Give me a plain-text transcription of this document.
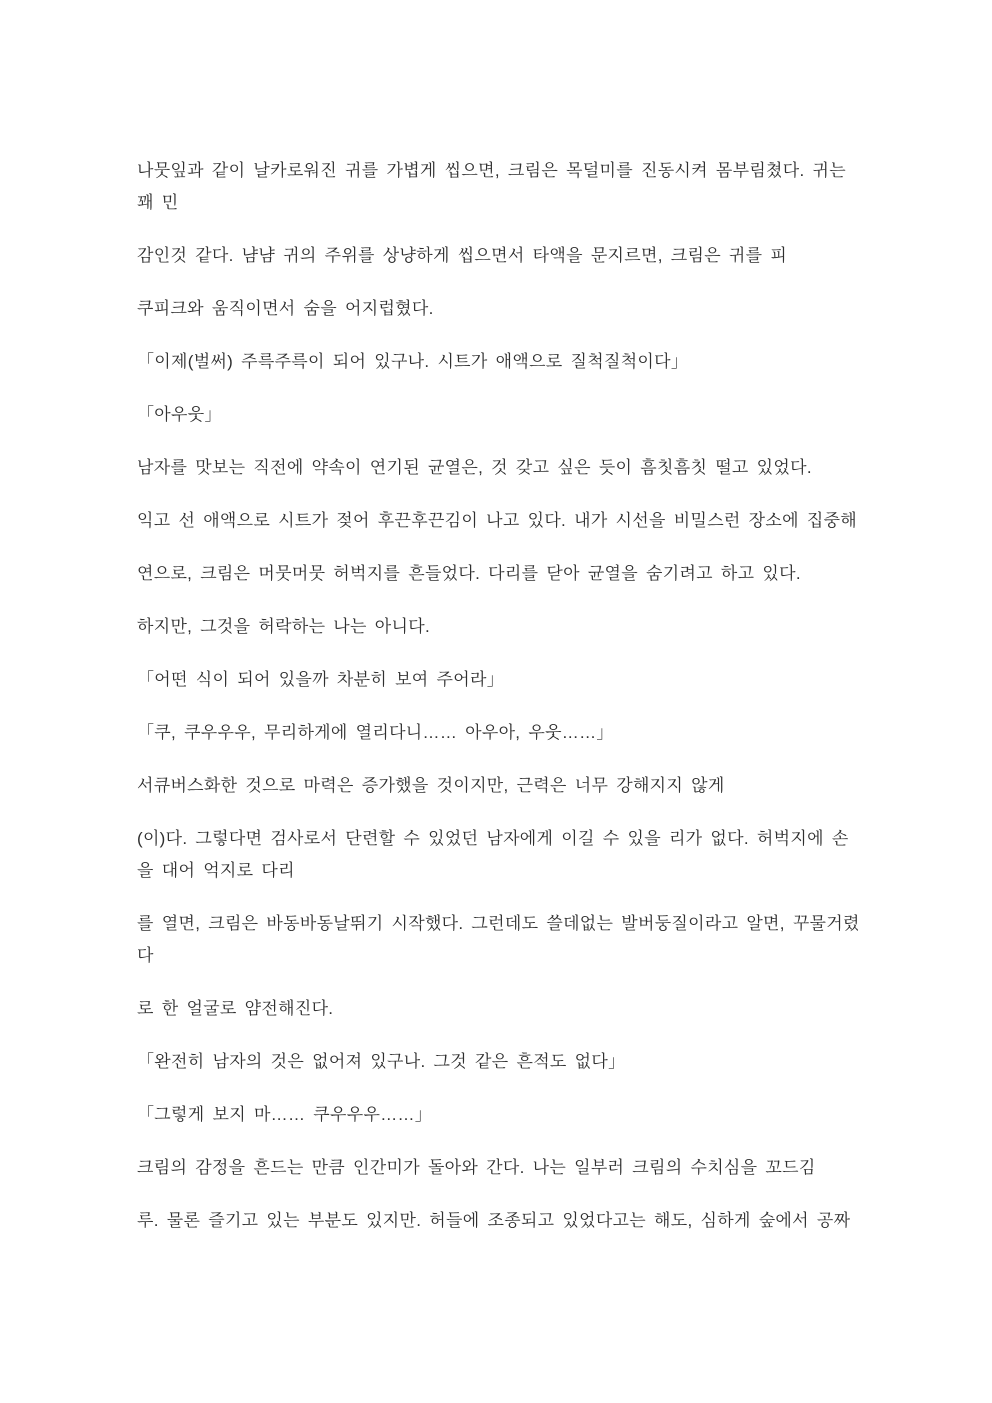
나뭇잎과 같이 날카로워진 귀를 가볍게 씹으면, 크림은 목덜미를 진동시켜 몸부림쳤다. 귀는
꽤 민

감인것 같다. 냠냠 귀의 주위를 상냥하게 씹으면서 타액을 문지르면, 크림은 귀를 피

쿠피크와 움직이면서 숨을 어지럽혔다.

「이제(벌써) 주륵주륵이 되어 있구나. 시트가 애액으로 질척질척이다」

「아우웃」

남자를 맛보는 직전에 약속이 연기된 균열은, 것 갖고 싶은 듯이 흠칫흠칫 떨고 있었다.

익고 선 애액으로 시트가 젖어 후끈후끈김이 나고 있다. 내가 시선을 비밀스런 장소에 집중해

연으로, 크림은 머뭇머뭇 허벅지를 흔들었다. 다리를 닫아 균열을 숨기려고 하고 있다.

하지만, 그것을 허락하는 나는 아니다.

「어떤 식이 되어 있을까 차분히 보여 주어라」

「쿠, 쿠우우우, 무리하게에 열리다니…… 아우아, 우웃……」

서큐버스화한 것으로 마력은 증가했을 것이지만, 근력은 너무 강해지지 않게

(이)다. 그렇다면 검사로서 단련할 수 있었던 남자에게 이길 수 있을 리가 없다. 허벅지에 손
을 대어 억지로 다리

를 열면, 크림은 바동바동날뛰기 시작했다. 그런데도 쓸데없는 발버둥질이라고 알면, 꾸물거렸
다

로 한 얼굴로 얌전해진다.

「완전히 남자의 것은 없어져 있구나. 그것 같은 흔적도 없다」

「그렇게 보지 마…… 쿠우우우……」

크림의 감정을 흔드는 만큼 인간미가 돌아와 간다. 나는 일부러 크림의 수치심을 꼬드김

루. 물론 즐기고 있는 부분도 있지만. 허들에 조종되고 있었다고는 해도, 심하게 숲에서 공짜
